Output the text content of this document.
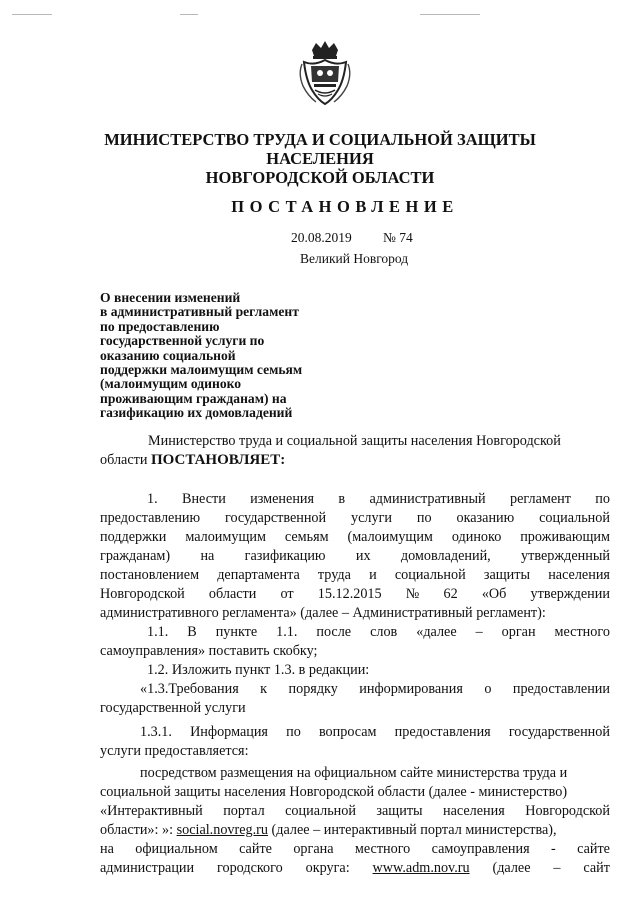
МИНИСТЕРСТВО ТРУДА И СОЦИАЛЬНОЙ ЗАЩИТЫ НАСЕЛЕНИЯ
НОВГОРОДСКОЙ ОБЛАСТИ
ПОСТАНОВЛЕНИЕ
20.08.2019 № 74
Великий Новгород
О внесении изменений
в административный регламент
по предоставлению
государственной услуги по
оказанию социальной
поддержки малоимущим семьям
(малоимущим одиноко
проживающим гражданам) на
газификацию их домовладений
Министерство труда и социальной защиты населения Новгородской
области ПОСТАНОВЛЯЕТ:
1. Внести изменения в административный регламент по
предоставлению государственной услуги по оказанию социальной
поддержки малоимущим семьям (малоимущим одиноко проживающим
гражданам) на газификацию их домовладений, утвержденный
постановлением департамента труда и социальной защиты населения
Новгородской области от 15.12.2015 № 62 «Об утверждении
административного регламента» (далее – Административный регламент):
1.1. В пункте 1.1. после слов «далее – орган местного
самоуправления» поставить скобку;
1.2. Изложить пункт 1.3. в редакции:
«1.3.Требования к порядку информирования о предоставлении
государственной услуги
1.3.1. Информация по вопросам предоставления государственной
услуги предоставляется:
посредством размещения на официальном сайте министерства труда и
социальной защиты населения Новгородской области (далее - министерство)
«Интерактивный портал социальной защиты населения Новгородской
области»: »: social.novreg.ru (далее – интерактивный портал министерства),
на официальном сайте органа местного самоуправления - сайте
администрации городского округа: www.adm.nov.ru (далее – сайт
